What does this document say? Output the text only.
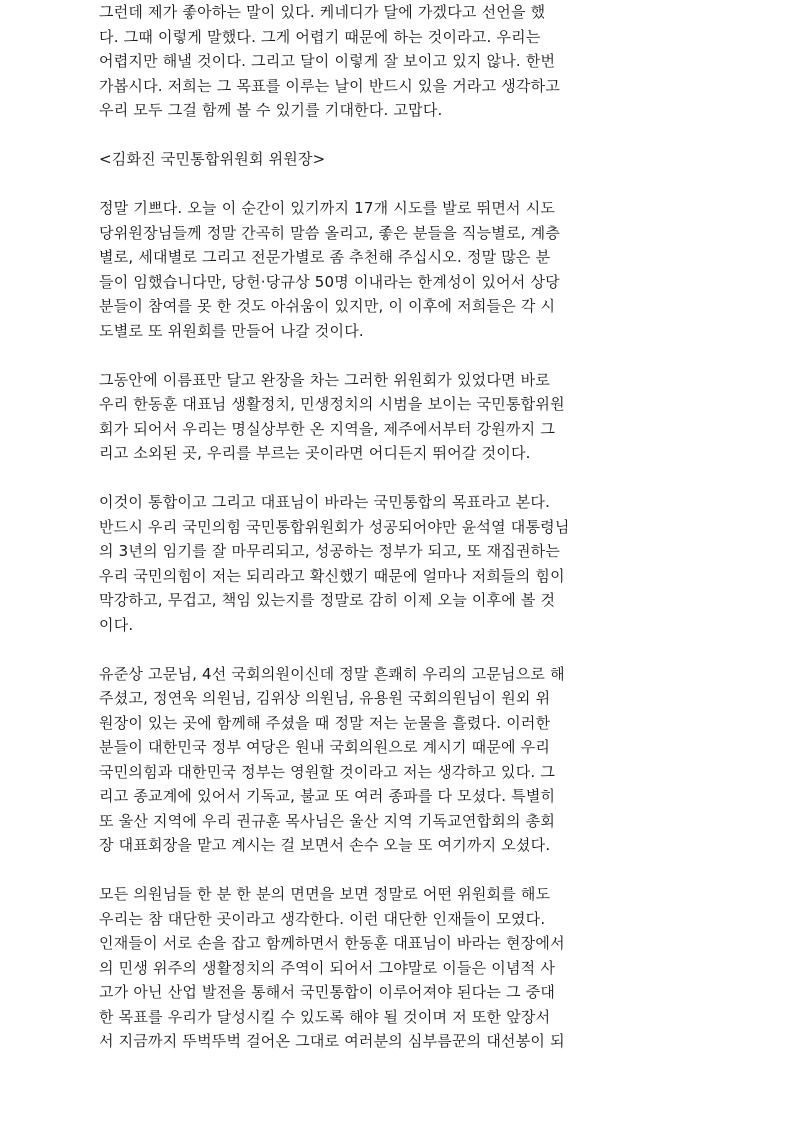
그런데 제가 좋아하는 말이 있다. 케네디가 달에 가겠다고 선언을 했
다. 그때 이렇게 말했다. 그게 어렵기 때문에 하는 것이라고. 우리는
어렵지만 해낼 것이다. 그리고 달이 이렇게 잘 보이고 있지 않나. 한번
가봅시다. 저희는 그 목표를 이루는 날이 반드시 있을 거라고 생각하고
우리 모두 그걸 함께 볼 수 있기를 기대한다. 고맙다.
<김화진 국민통합위원회 위원장>
정말 기쁘다. 오늘 이 순간이 있기까지 17개 시도를 발로 뛰면서 시도
당위원장님들께 정말 간곡히 말씀 올리고, 좋은 분들을 직능별로, 계층
별로, 세대별로 그리고 전문가별로 좀 추천해 주십시오. 정말 많은 분
들이 임했습니다만, 당헌·당규상 50명 이내라는 한계성이 있어서 상당
분들이 참여를 못 한 것도 아쉬움이 있지만, 이 이후에 저희들은 각 시
도별로 또 위원회를 만들어 나갈 것이다.
그동안에 이름표만 달고 완장을 차는 그러한 위원회가 있었다면 바로
우리 한동훈 대표님 생활정치, 민생정치의 시범을 보이는 국민통합위원
회가 되어서 우리는 명실상부한 온 지역을, 제주에서부터 강원까지 그
리고 소외된 곳, 우리를 부르는 곳이라면 어디든지 뛰어갈 것이다.
이것이 통합이고 그리고 대표님이 바라는 국민통합의 목표라고 본다.
반드시 우리 국민의힘 국민통합위원회가 성공되어야만 윤석열 대통령님
의 3년의 임기를 잘 마무리되고, 성공하는 정부가 되고, 또 재집권하는
우리 국민의힘이 저는 되리라고 확신했기 때문에 얼마나 저희들의 힘이
막강하고, 무겁고, 책임 있는지를 정말로 감히 이제 오늘 이후에 볼 것
이다.
유준상 고문님, 4선 국회의원이신데 정말 흔쾌히 우리의 고문님으로 해
주셨고, 정연욱 의원님, 김위상 의원님, 유용원 국회의원님이 원외 위
원장이 있는 곳에 함께해 주셨을 때 정말 저는 눈물을 흘렸다. 이러한
분들이 대한민국 정부 여당은 원내 국회의원으로 계시기 때문에 우리
국민의힘과 대한민국 정부는 영원할 것이라고 저는 생각하고 있다. 그
리고 종교계에 있어서 기독교, 불교 또 여러 종파를 다 모셨다. 특별히
또 울산 지역에 우리 권규훈 목사님은 울산 지역 기독교연합회의 총회
장 대표회장을 맡고 계시는 걸 보면서 손수 오늘 또 여기까지 오셨다.
모든 의원님들 한 분 한 분의 면면을 보면 정말로 어떤 위원회를 해도
우리는 참 대단한 곳이라고 생각한다. 이런 대단한 인재들이 모였다.
인재들이 서로 손을 잡고 함께하면서 한동훈 대표님이 바라는 현장에서
의 민생 위주의 생활정치의 주역이 되어서 그야말로 이들은 이념적 사
고가 아닌 산업 발전을 통해서 국민통합이 이루어져야 된다는 그 중대
한 목표를 우리가 달성시킬 수 있도록 해야 될 것이며 저 또한 앞장서
서 지금까지 뚜벅뚜벅 걸어온 그대로 여러분의 심부름꾼의 대선봉이 되
